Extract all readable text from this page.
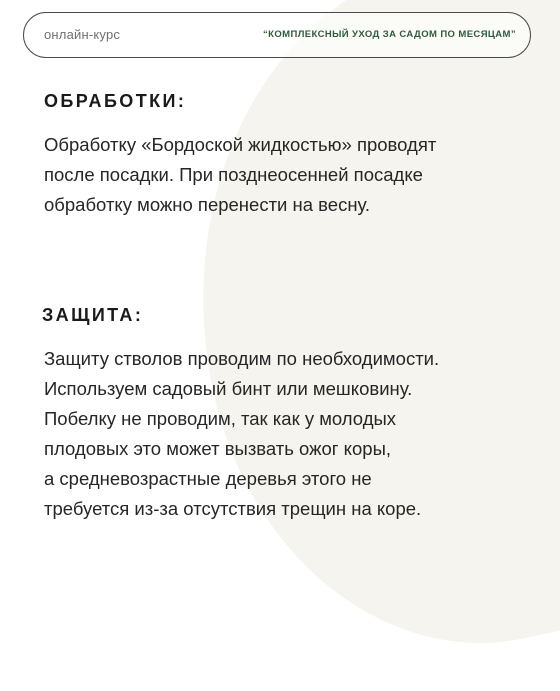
онлайн-курс	“КОМПЛЕКСНЫЙ УХОД ЗА САДОМ ПО МЕСЯЦАМ”
ОБРАБОТКИ:
Обработку «Бордоской жидкостью» проводят
после посадки. При позднеосенней посадке
обработку можно перенести на весну.
ЗАЩИТА:
Защиту стволов проводим по необходимости.
Используем садовый бинт или мешковину.
Побелку не проводим, так как у молодых
плодовых это может вызвать ожог коры,
а средневозрастные деревья этого не
требуется из-за отсутствия трещин на коре.
